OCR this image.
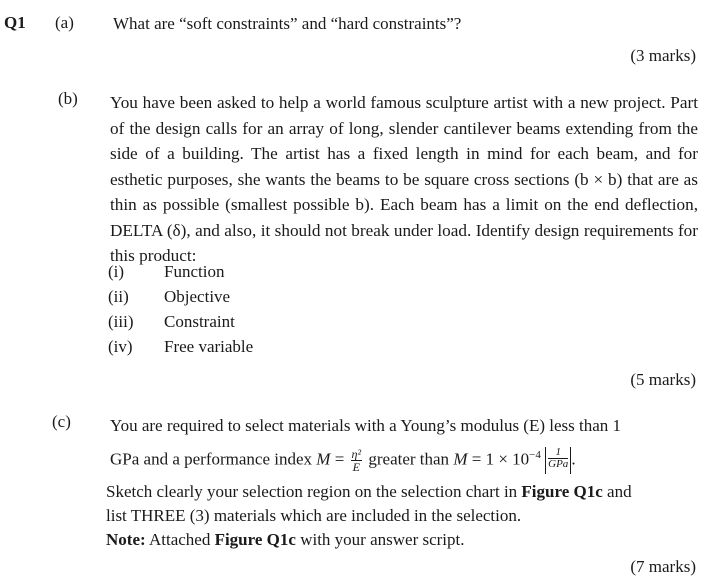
Q1 (a) What are “soft constraints” and “hard constraints”?
(3 marks)
(b) You have been asked to help a world famous sculpture artist with a new project. Part of the design calls for an array of long, slender cantilever beams extending from the side of a building. The artist has a fixed length in mind for each beam, and for esthetic purposes, she wants the beams to be square cross sections (b × b) that are as thin as possible (smallest possible b). Each beam has a limit on the end deflection, DELTA (δ), and also, it should not break under load. Identify design requirements for this product:
(i) Function
(ii) Objective
(iii) Constraint
(iv) Free variable
(5 marks)
(c) You are required to select materials with a Young’s modulus (E) less than 1
GPa and a performance index $M = \frac{\text{η²}}{E}$ greater than $M = 1 \times 10^{-4}$	1
GPa .
Sketch clearly your selection region on the selection chart in Figure Q1c and
list THREE (3) materials which are included in the selection.
Note: Attached Figure Q1c with your answer script.
(7 marks)
